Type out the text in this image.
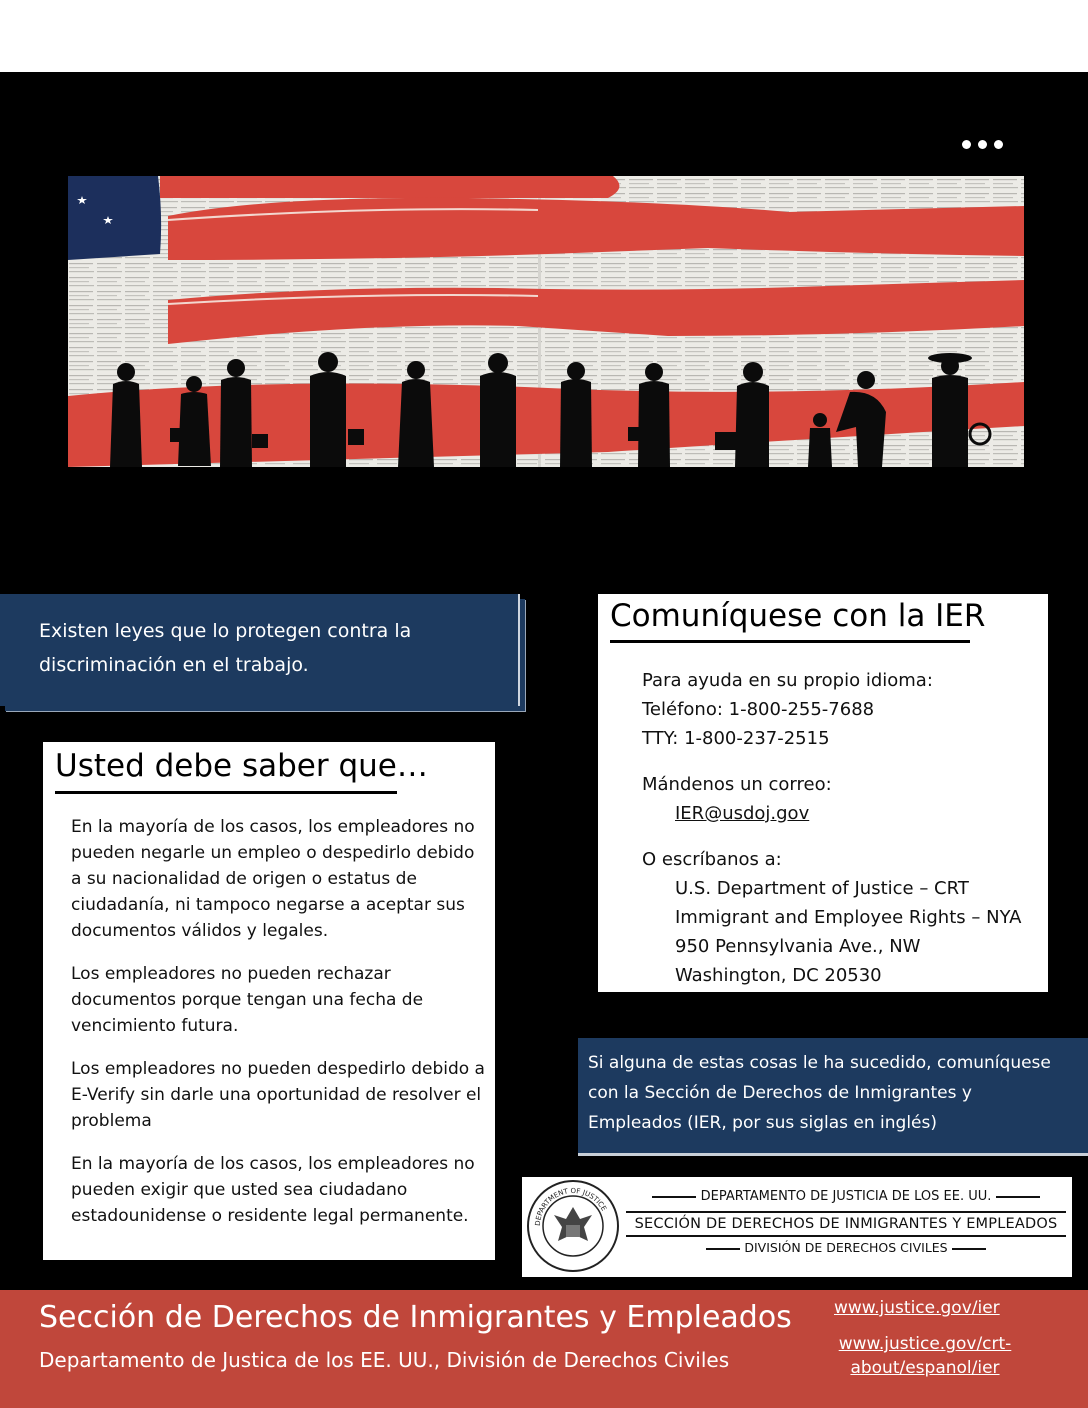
Existen leyes que lo protegen contra la discriminación en el trabajo.

Usted debe saber que…

En la mayoría de los casos, los empleadores no pueden negarle un empleo o despedirlo debido a su nacionalidad de origen o estatus de ciudadanía, ni tampoco negarse a aceptar sus documentos válidos y legales.

Los empleadores no pueden rechazar documentos porque tengan una fecha de vencimiento futura.

Los empleadores no pueden despedirlo debido a E-Verify sin darle una oportunidad de resolver el problema

En la mayoría de los casos, los empleadores no pueden exigir que usted sea ciudadano estadounidense o residente legal permanente.

Comuníquese con la IER
Para ayuda en su propio idioma:
Teléfono: 1-800-255-7688
TTY: 1-800-237-2515
Mándenos un correo:
IER@usdoj.gov
O escríbanos a:
U.S. Department of Justice – CRT
Immigrant and Employee Rights – NYA
950 Pennsylvania Ave., NW
Washington, DC 20530

Si alguna de estas cosas le ha sucedido, comuníquese con la Sección de Derechos de Inmigrantes y Empleados (IER, por sus siglas en inglés)

DEPARTMENT OF JUSTICE
DEPARTAMENTO DE JUSTICIA DE LOS EE. UU.
SECCIÓN DE DERECHOS DE INMIGRANTES Y EMPLEADOS
DIVISIÓN DE DERECHOS CIVILES
Sección de Derechos de Inmigrantes y Empleados
Departamento de Justica de los EE. UU., División de Derechos Civiles
www.justice.gov/ier
www.justice.gov/crt-about/espanol/ier
